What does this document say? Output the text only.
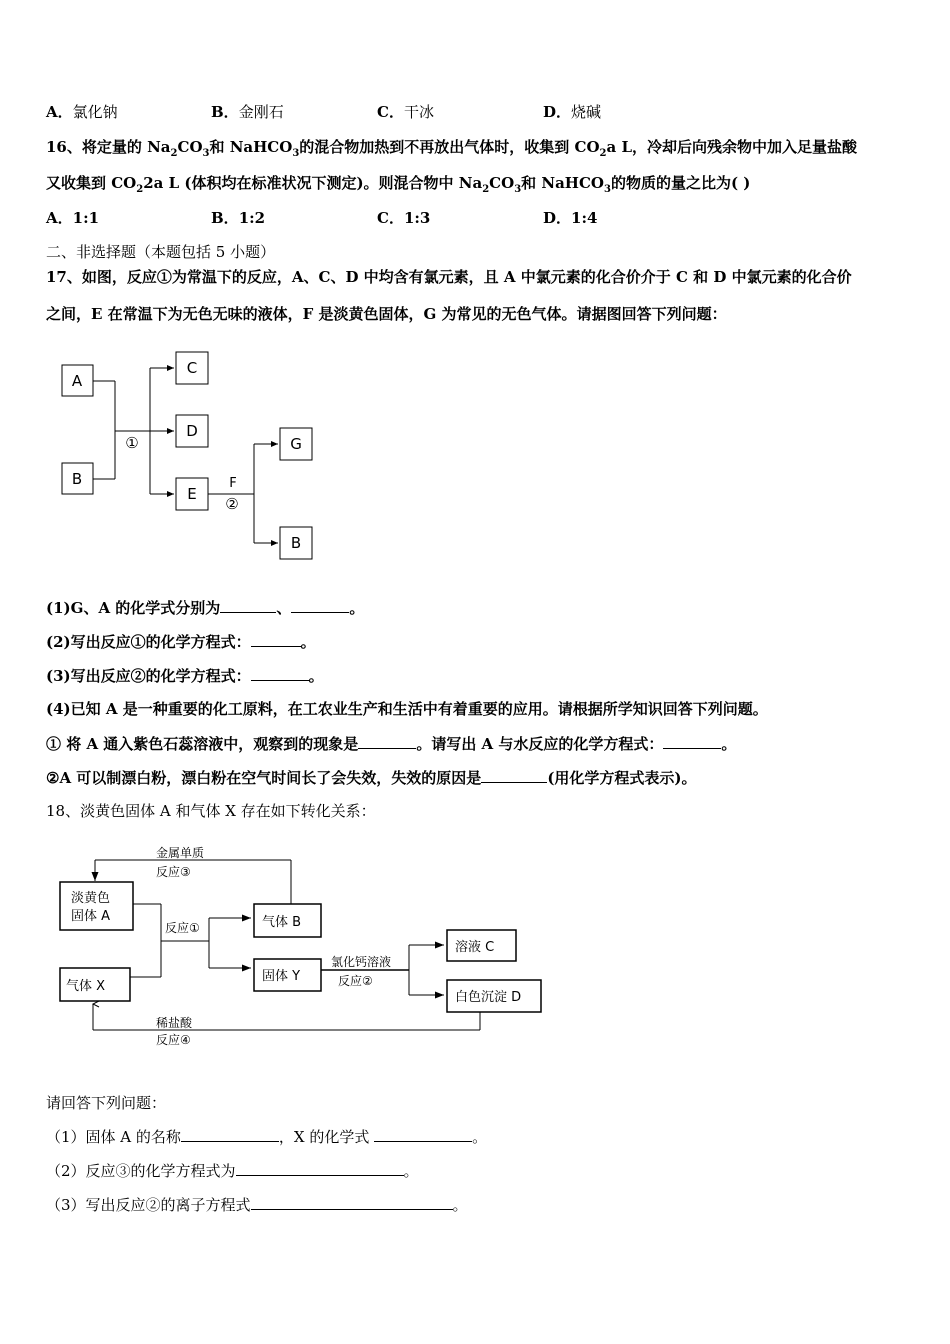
A．氯化钠	B．金刚石	C．干冰	D．烧碱
16、将定量的 $Na_2CO_3$和 NaHCO$_3$的混合物加热到不再放出气体时，收集到 $CO_2a$ L，冷却后向残余物中加入足量盐酸
又收集到 $CO_22a$ L (体积均在标准状况下测定)。则混合物中 $Na_2CO_3$和 NaHCO$_3$的物质的量之比为( )
A．1:1	B．1:2	C．1:3	D．1:4
二、非选择题（本题包括 5 小题）
17、如图，反应①为常温下的反应，A、C、D 中均含有氯元素，且 A 中氯元素的化合价介于 C 和 D 中氯元素的化合价
之间，E 在常温下为无色无味的液体，F 是淡黄色固体，G 为常见的无色气体。请据图回答下列问题：
A
B
C
D
E
G
B
①
F
②
(1)G、A 的化学式分别为	、	。
(2)写出反应①的化学方程式：	。
(3)写出反应②的化学方程式：	。
(4)已知 A 是一种重要的化工原料，在工农业生产和生活中有着重要的应用。请根据所学知识回答下列问题。
① 将 A 通入紫色石蕊溶液中，观察到的现象是	。请写出 A 与水反应的化学方程式：	。
②A 可以制漂白粉，漂白粉在空气时间长了会失效，失效的原因是	(用化学方程式表示)。
18、淡黄色固体 A 和气体 X 存在如下转化关系：
淡黄色
固体 A
气体 X
气体 B
固体 Y
溶液 C
白色沉淀 D
金属单质
反应③
反应①
氯化钙溶液
反应②
稀盐酸
反应④
请回答下列问题：
（1）固体 A 的名称	，X 的化学式	。
（2）反应③的化学方程式为	。
（3）写出反应②的离子方程式	。
